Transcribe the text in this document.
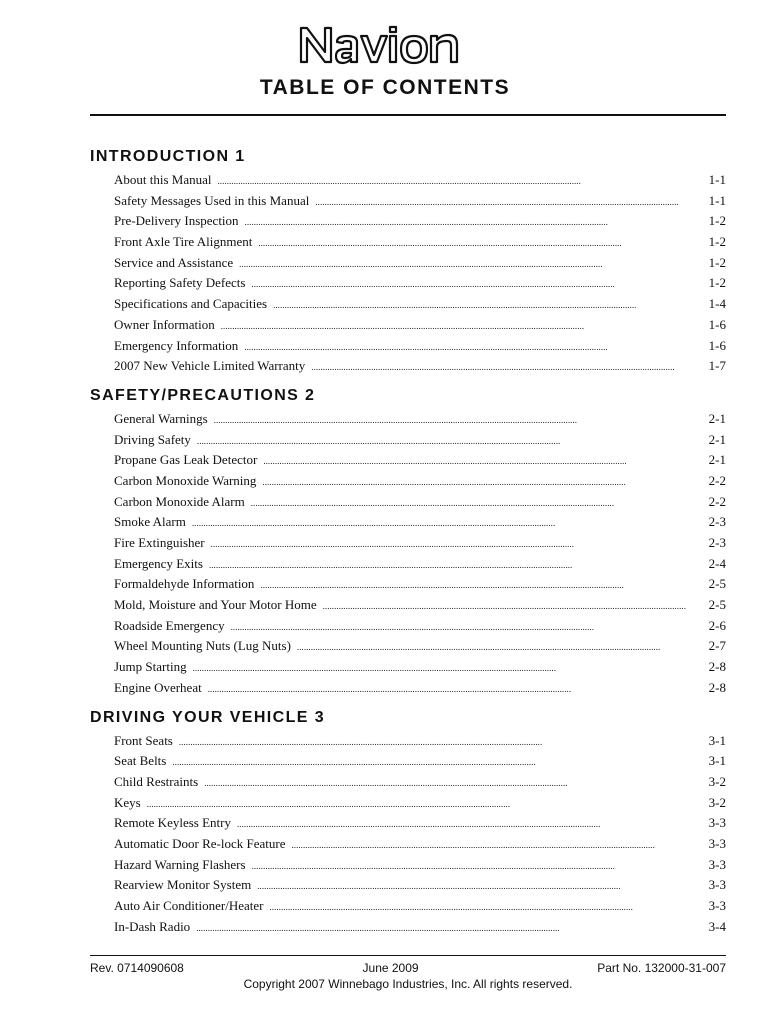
TABLE OF CONTENTS
INTRODUCTION 1
About this Manual . . .	1-1
Safety Messages Used in this Manual . . .	1-1
Pre-Delivery Inspection . . .	1-2
Front Axle Tire Alignment . . .	1-2
Service and Assistance . . .	1-2
Reporting Safety Defects . . .	1-2
Specifications and Capacities . . .	1-4
Owner Information . . .	1-6
Emergency Information . . .	1-6
2007 New Vehicle Limited Warranty . . .	1-7
SAFETY/PRECAUTIONS 2
General Warnings . . .	2-1
Driving Safety . . .	2-1
Propane Gas Leak Detector . . .	2-1
Carbon Monoxide Warning . . .	2-2
Carbon Monoxide Alarm . . .	2-2
Smoke Alarm . . .	2-3
Fire Extinguisher . . .	2-3
Emergency Exits . . .	2-4
Formaldehyde Information . . .	2-5
Mold, Moisture and Your Motor Home . . .	2-5
Roadside Emergency . . .	2-6
Wheel Mounting Nuts (Lug Nuts) . . .	2-7
Jump Starting . . .	2-8
Engine Overheat . . .	2-8
DRIVING YOUR VEHICLE 3
Front Seats . . .	3-1
Seat Belts . . .	3-1
Child Restraints . . .	3-2
Keys . . .	3-2
Remote Keyless Entry . . .	3-3
Automatic Door Re-lock Feature . . .	3-3
Hazard Warning Flashers . . .	3-3
Rearview Monitor System . . .	3-3
Auto Air Conditioner/Heater . . .	3-3
In-Dash Radio . . .	3-4
Rev. 0714090608	June 2009	Part No. 132000-31-007
Copyright 2007 Winnebago Industries, Inc. All rights reserved.
